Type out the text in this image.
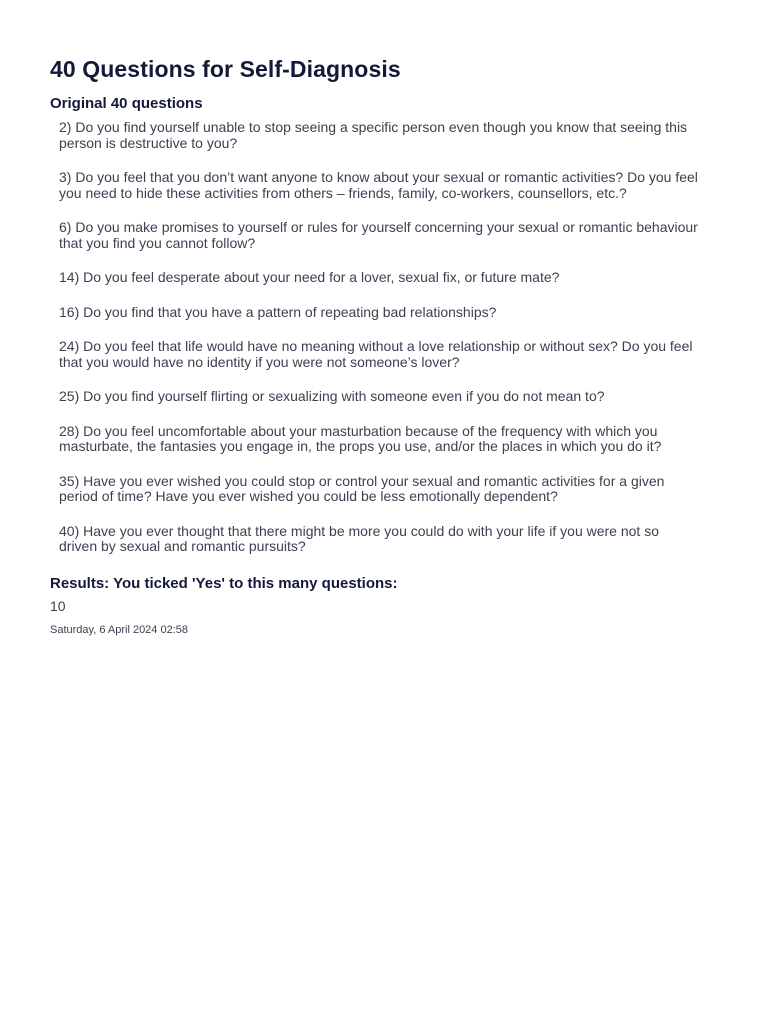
40 Questions for Self-Diagnosis
Original 40 questions
2) Do you find yourself unable to stop seeing a specific person even though you know that seeing this person is destructive to you?
3) Do you feel that you don’t want anyone to know about your sexual or romantic activities? Do you feel you need to hide these activities from others – friends, family, co-workers, counsellors, etc.?
6) Do you make promises to yourself or rules for yourself concerning your sexual or romantic behaviour that you find you cannot follow?
14) Do you feel desperate about your need for a lover, sexual fix, or future mate?
16) Do you find that you have a pattern of repeating bad relationships?
24) Do you feel that life would have no meaning without a love relationship or without sex? Do you feel that you would have no identity if you were not someone’s lover?
25) Do you find yourself flirting or sexualizing with someone even if you do not mean to?
28) Do you feel uncomfortable about your masturbation because of the frequency with which you masturbate, the fantasies you engage in, the props you use, and/or the places in which you do it?
35) Have you ever wished you could stop or control your sexual and romantic activities for a given period of time? Have you ever wished you could be less emotionally dependent?
40) Have you ever thought that there might be more you could do with your life if you were not so driven by sexual and romantic pursuits?
Results: You ticked 'Yes' to this many questions:
10
Saturday, 6 April 2024 02:58
